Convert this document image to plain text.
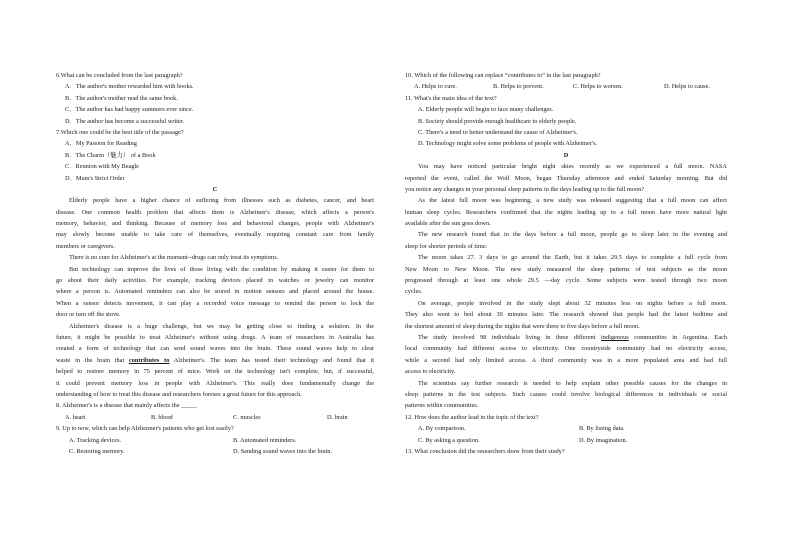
6.What can be concluded from the last paragraph?
A．The author's mother rewarded him with books.
B．The author's mother read the same book.
C．The author has had happy summers ever since.
D．The author has become a successful writer.
7.Which one could be the best title of the passage?
A．My Passion for Reading
B．The Charm（魅力） of a Book
C．Reunion with My Beagle
D．Mum's Strict Order
C
Elderly people have a higher chance of suffering from illnesses such as diabetes, cancer, and heart
disease. One common health problem that affects them is Alzheimer's disease, which affects a person's
memory, behavior, and thinking. Because of memory loss and behavioral changes, people with Alzheimer's
may slowly become unable to take care of themselves, eventually requiring constant care from family
members or caregivers.
There is no cure for Alzheimer's at the moment--drugs can only treat its symptoms.
But technology can improve the lives of those living with the condition by making it easier for them to
go about their daily activities. For example, tracking devices placed in watches or jewelry can monitor
where a person is. Automated reminders can also be stored in motion sensors and placed around the house.
When a sensor detects movement, it can play a recorded voice message to remind the person to lock the
door or turn off the stove.
Alzheimer's disease is a huge challenge, but we may be getting close to finding a solution. In the
future, it might be possible to treat Alzheimer's without using drugs. A team of researchers in Australia has
created a form of technology that can send sound waves into the brain. These sound waves help to clear
waste in the brain that contributes to Alzheimer's. The team has tested their technology and found that it
helped to restore memory in 75 percent of mice. Work on the technology isn't complete, but, if successful,
it could prevent memory loss in people with Alzheimer's. This really does fundamentally change the
understanding of how to treat this disease and researchers foresee a great future for this approach.
8. Alzheimer's is a disease that mainly affects the _____
A. heart	B. blood	C. muscles	D. brain
9. Up to now, which can help Alzheimer's patients who get lost easily?
A. Tracking devices.	B. Automated reminders.
C. Restoring memory.	D. Sending sound waves into the brain.
10. Which of the following can replace “contributes to” in the last paragraph?
A. Helps to cure.	B. Helps to prevent.	C. Helps to worsen.	D. Helps to cause.
11. What's the main idea of the text?
A. Elderly people will begin to face many challenges.
B. Society should provide enough healthcare to elderly people.
C. There's a need to better understand the cause of Alzheimer's.
D. Technology might solve some problems of people with Alzheimer's.
D
You may have noticed particular bright night skies recently as we experienced a full moon. NASA
reported the event, called the Wolf Moon, began Thursday afternoon and ended Saturday morning. But did
you notice any changes in your personal sleep patterns in the days leading up to the full moon?
As the latest full moon was beginning, a new study was released suggesting that a full moon can affect
human sleep cycles. Researchers confirmed that the nights leading up to a full moon have more natural light
available after the sun goes down.
The new research found that in the days before a full moon, people go to sleep later in the evening and
sleep for shorter periods of time.
The moon takes 27. 3 days to go around the Earth, but it takes 29.5 days to complete a full cycle from
New Moon to New Moon. The new study measured the sleep patterns of test subjects as the moon
progressed through at least one whole 29.5 —day cycle. Some subjects were tested through two moon
cycles.
On average, people involved in the study slept about 32 minutes less on nights before a full moon.
They also went to bed about 30 minutes later. The research showed that people had the latest bedtime and
the shortest amount of sleep during the nights that were three to five days before a full moon.
The study involved 98 individuals living in three different indigenous communities in Argentina. Each
local community had different access to electricity. One countryside community had no electricity access,
while a second had only limited access. A third community was in a more populated area and had full
access to electricity.
The scientists say further research is needed to help explain other possible causes for the changes in
sleep patterns in the test subjects. Such causes could involve biological differences in individuals or social
patterns within communities.
12. How does the author lead in the topic of the text?
A. By comparison.	B. By listing data.
C. By asking a question.	D. By imagination.
13. What conclusion did the researchers draw from their study?
